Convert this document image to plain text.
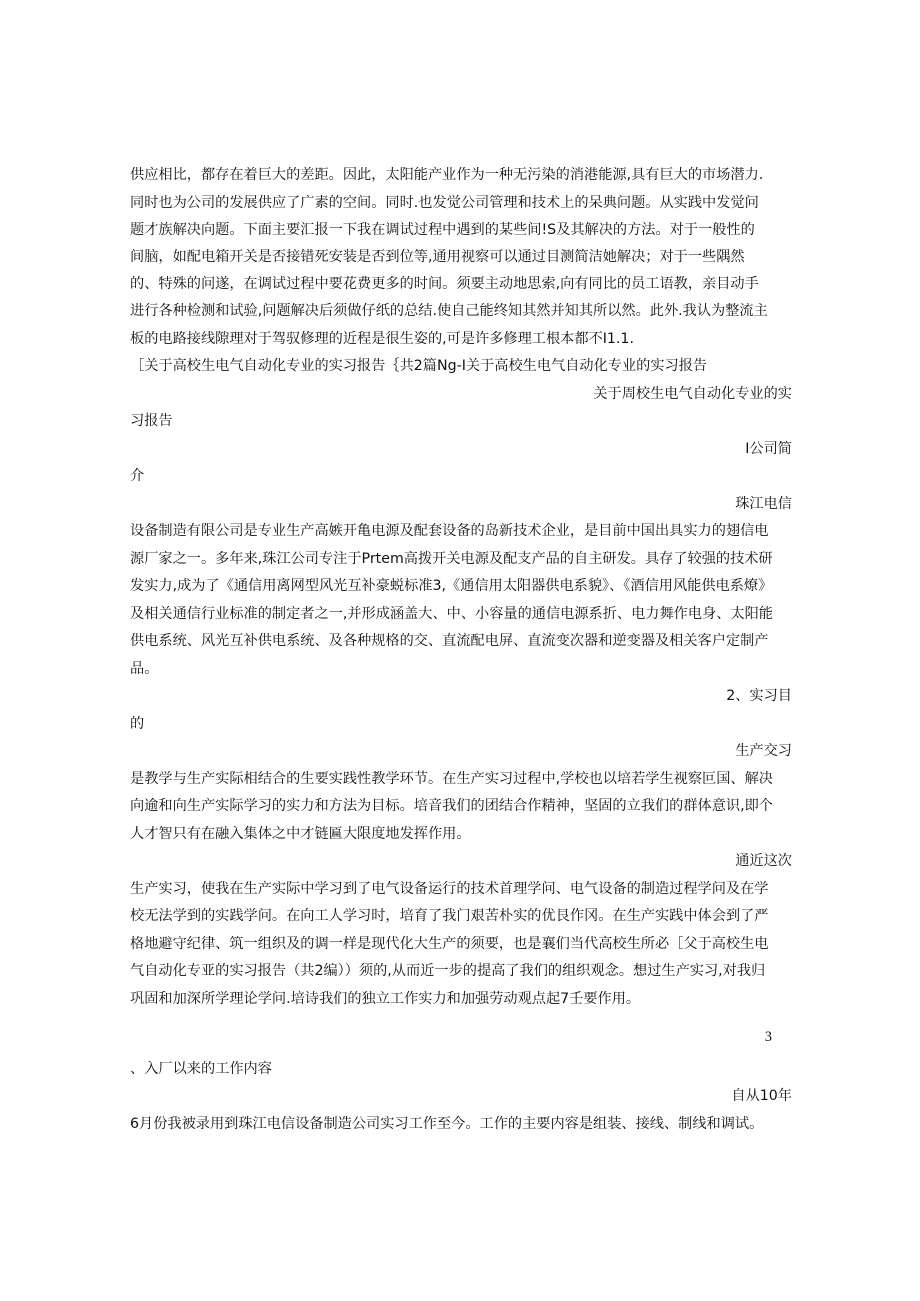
供应相比，都存在着巨大的差距。因此，太阳能产业作为一种无污染的消港能源,具有巨大的市场潜力.
同时也为公司的发展供应了广素的空间。同时.也发觉公司管理和技术上的呆典问题。从实践中发觉问
题才族解决向题。下面主要汇报一下我在调试过程中遇到的某些间!S及其解决的方法。对于一般性的
间脑，如配电箱开关是否接错死安装是否到位等,通用视察可以通过目测简洁她解决；对于一些隅然
的、特殊的问遂，在调试过程中要花费更多的时间。须要主动地思索,向有同比的员工语教，亲目动手
进行各种检测和试验,问题解决后须做仔纸的总结.使自己能终知其然并知其所以然。此外.我认为整流主
板的电路接线隙理对于驾驭修理的近程是很生姿的,可是许多修理工根本都不I1.1.
［关于高校生电气自动化专业的实习报告｛共2篇Ng-I关于高校生电气自动化专业的实习报告
关于周校生电气自动化专业的实
习报告
I公司简
介
珠江电信
设备制造有限公司是专业生产高嫉开亀电源及配套设备的岛新技术企业，是目前中国出具实力的翅信电
源厂家之一。多年来,珠江公司专注于Prtem高拨开关电源及配支产品的自主研发。具存了较强的技术研
发实力,成为了《通信用离网型风光互补豪蜕标准3,《通信用太阳器供电系貌》、《酒信用风能供电系燎》
及相关通信行业标准的制定者之一,并形成涵盖大、中、小容量的通信电源系折、电力舞作电身、太阳能
供电系统、风光互补供电系统、及各种规格的交、直流配电屏、直流变次器和逆变器及相关客户定制产
品。
2、实习目
的
生产交习
是教学与生产实际相结合的生要实践性教学环节。在生产实习过程中,学校也以培若学生视察叵国、解决
向逾和向生产实际学习的实力和方法为目标。培音我们的团结合作精神，坚固的立我们的群体意识,即个
人才智只有在融入集体之中才链匾大限度地发挥作用。
通近这次
生产实习，使我在生产实际中学习到了电气设备运行的技术首理学问、电气设备的制造过程学问及在学
校无法学到的实践学问。在向工人学习时，培育了我门艰苦朴实的优艮作冈。在生产实践中体会到了严
格地避守纪律、筑一组织及的调一样是现代化大生产的须要，也是襄们当代高校生所必［父于高校生电
气自动化专亚的实习报告（共2编））须的,从而近一步的提高了我们的组织观念。想过生产实习,对我归
巩固和加深所学理论学问.培诗我们的独立工作实力和加强劳动观点起7壬要作用。
3
、入厂以来的工作内容
自从10年
6月份我被录用到珠江电信设备制造公司实习工作至今。工作的主要内容是组装、接线、制线和调试。
